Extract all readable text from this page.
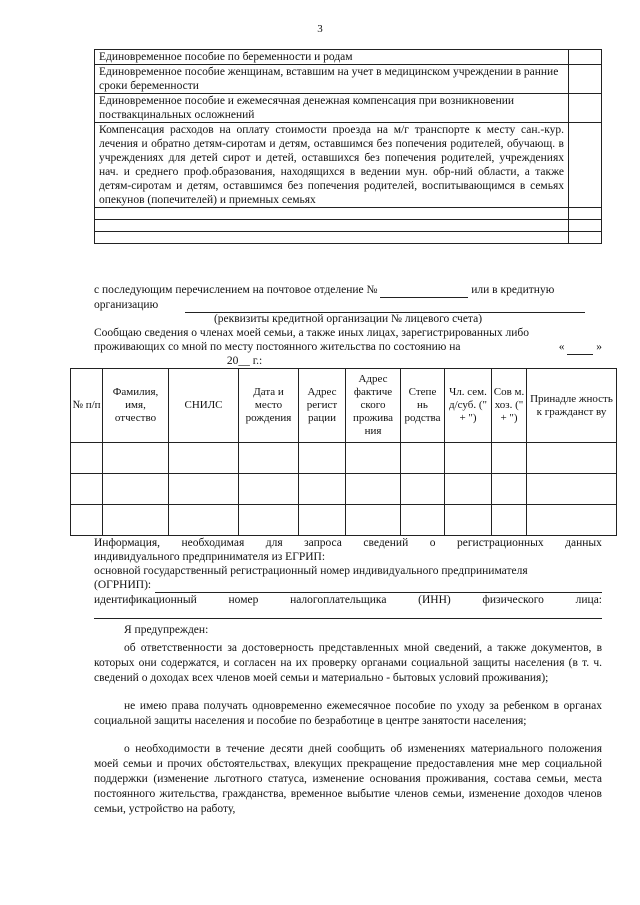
3
Единовременное пособие по беременности и родам	
Единовременное пособие женщинам, вставшим на учет в медицинском учреждении в ранние сроки беременности	
Единовременное пособие и ежемесячная денежная компенсация при возникновении поствакцинальных осложнений	
Компенсация расходов на оплату стоимости проезда на м/г транспорте к месту сан.-кур. лечения и обратно детям-сиротам и детям, оставшимся без попечения родителей, обучающ. в учреждениях для детей сирот и детей, оставшихся без попечения родителей, учреждениях нач. и среднего проф.образования, находящихся в ведении мун. обр-ний области, а также детям-сиротам и детям, оставшимся без попечения родителей, воспитывающимся в семьях опекунов (попечителей) и приемных семьях	

с последующим перечислением на почтовое отделение №	или в кредитную
организацию
(реквизиты кредитной организации № лицевого счета)
Сообщаю сведения о членах моей семьи, а также иных лицах, зарегистрированных либо
проживающих со мной по месту постоянного жительства по состоянию на	«	»
20__ г.:
№ п/п	Фамилия, имя, отчество	СНИЛС	Дата и место рождения	Адрес регист рации	Адрес фактиче ского прожива ния	Степе нь родства	Чл. сем. д/суб. (" + ")	Сов м. хоз. (" + ")	Принадле жность к гражданст ву

Информация, необходимая для запроса сведений о регистрационных данных
индивидуального предпринимателя из ЕГРИП:
основной государственный регистрационный номер индивидуального предпринимателя
(ОГРНИП):

идентификационный	номер	налогоплательщика	(ИНН)	физического	лица:
Я предупрежден:
об ответственности за достоверность представленных мной сведений, а также документов, в которых они содержатся, и согласен на их проверку органами социальной защиты населения (в т. ч. сведений о доходах всех членов моей семьи и материально - бытовых условий проживания);
не имею права получать одновременно ежемесячное пособие по уходу за ребенком в органах социальной защиты населения и пособие по безработице в центре занятости населения;
о необходимости в течение десяти дней сообщить об изменениях материального положения моей семьи и прочих обстоятельствах, влекущих прекращение предоставления мне мер социальной поддержки (изменение льготного статуса, изменение основания проживания, состава семьи, места постоянного жительства, гражданства, временное выбытие членов семьи, изменение доходов членов семьи, устройство на работу,
